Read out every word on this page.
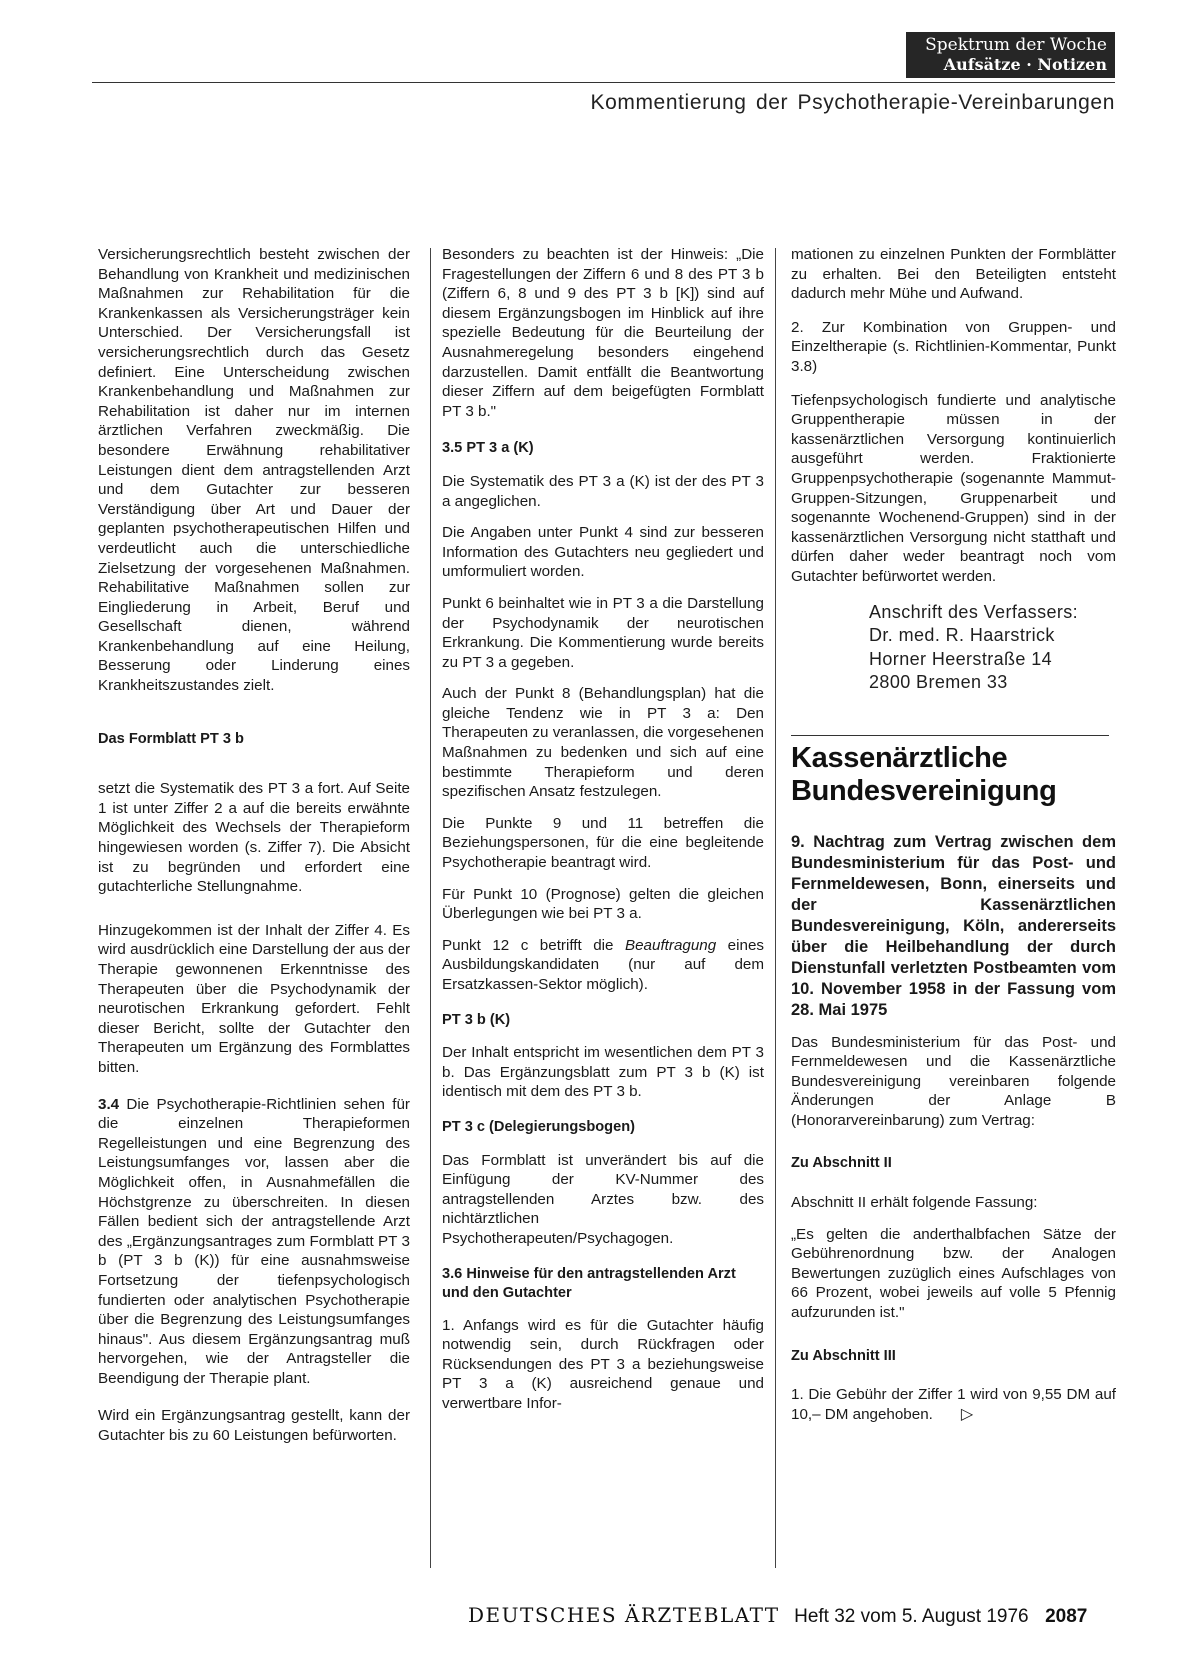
Spektrum der Woche
Aufsätze · Notizen
Kommentierung der Psychotherapie-Vereinbarungen

Versicherungsrechtlich besteht zwischen der Behandlung von Krankheit und medizinischen Maßnahmen zur Rehabilitation für die Krankenkassen als Versicherungsträger kein Unterschied. Der Versicherungsfall ist versicherungsrechtlich durch das Gesetz definiert. Eine Unterscheidung zwischen Krankenbehandlung und Maßnahmen zur Rehabilitation ist daher nur im internen ärztlichen Verfahren zweckmäßig. Die besondere Erwähnung rehabilitativer Leistungen dient dem antragstellenden Arzt und dem Gutachter zur besseren Verständigung über Art und Dauer der geplanten psychotherapeutischen Hilfen und verdeutlicht auch die unterschiedliche Zielsetzung der vorgesehenen Maßnahmen. Rehabilitative Maßnahmen sollen zur Eingliederung in Arbeit, Beruf und Gesellschaft dienen, während Krankenbehandlung auf eine Heilung, Besserung oder Linderung eines Krankheitszustandes zielt.

Das Formblatt PT 3 b

setzt die Systematik des PT 3 a fort. Auf Seite 1 ist unter Ziffer 2 a auf die bereits erwähnte Möglichkeit des Wechsels der Therapieform hingewiesen worden (s. Ziffer 7). Die Absicht ist zu begründen und erfordert eine gutachterliche Stellungnahme.

Hinzugekommen ist der Inhalt der Ziffer 4. Es wird ausdrücklich eine Darstellung der aus der Therapie gewonnenen Erkenntnisse des Therapeuten über die Psychodynamik der neurotischen Erkrankung gefordert. Fehlt dieser Bericht, sollte der Gutachter den Therapeuten um Ergänzung des Formblattes bitten.

3.4 Die Psychotherapie-Richtlinien sehen für die einzelnen Therapieformen Regelleistungen und eine Begrenzung des Leistungsumfanges vor, lassen aber die Möglichkeit offen, in Ausnahmefällen die Höchstgrenze zu überschreiten. In diesen Fällen bedient sich der antragstellende Arzt des „Ergänzungsantrages zum Formblatt PT 3 b (PT 3 b (K)) für eine ausnahmsweise Fortsetzung der tiefenpsychologisch fundierten oder analytischen Psychotherapie über die Begrenzung des Leistungsumfanges hinaus". Aus diesem Ergänzungsantrag muß hervorgehen, wie der Antragsteller die Beendigung der Therapie plant.

Wird ein Ergänzungsantrag gestellt, kann der Gutachter bis zu 60 Leistungen befürworten.

Besonders zu beachten ist der Hinweis: „Die Fragestellungen der Ziffern 6 und 8 des PT 3 b (Ziffern 6, 8 und 9 des PT 3 b [K]) sind auf diesem Ergänzungsbogen im Hinblick auf ihre spezielle Bedeutung für die Beurteilung der Ausnahmeregelung besonders eingehend darzustellen. Damit entfällt die Beantwortung dieser Ziffern auf dem beigefügten Formblatt PT 3 b."

3.5 PT 3 a (K)

Die Systematik des PT 3 a (K) ist der des PT 3 a angeglichen.

Die Angaben unter Punkt 4 sind zur besseren Information des Gutachters neu gegliedert und umformuliert worden.

Punkt 6 beinhaltet wie in PT 3 a die Darstellung der Psychodynamik der neurotischen Erkrankung. Die Kommentierung wurde bereits zu PT 3 a gegeben.

Auch der Punkt 8 (Behandlungsplan) hat die gleiche Tendenz wie in PT 3 a: Den Therapeuten zu veranlassen, die vorgesehenen Maßnahmen zu bedenken und sich auf eine bestimmte Therapieform und deren spezifischen Ansatz festzulegen.

Die Punkte 9 und 11 betreffen die Beziehungspersonen, für die eine begleitende Psychotherapie beantragt wird.

Für Punkt 10 (Prognose) gelten die gleichen Überlegungen wie bei PT 3 a.

Punkt 12 c betrifft die Beauftragung eines Ausbildungskandidaten (nur auf dem Ersatzkassen-Sektor möglich).

PT 3 b (K)

Der Inhalt entspricht im wesentlichen dem PT 3 b. Das Ergänzungsblatt zum PT 3 b (K) ist identisch mit dem des PT 3 b.

PT 3 c (Delegierungsbogen)

Das Formblatt ist unverändert bis auf die Einfügung der KV-Nummer des antragstellenden Arztes bzw. des nichtärztlichen Psychotherapeuten/Psychagogen.

3.6 Hinweise für den antragstellenden Arzt und den Gutachter

1. Anfangs wird es für die Gutachter häufig notwendig sein, durch Rückfragen oder Rücksendungen des PT 3 a beziehungsweise PT 3 a (K) ausreichend genaue und verwertbare Infor-

mationen zu einzelnen Punkten der Formblätter zu erhalten. Bei den Beteiligten entsteht dadurch mehr Mühe und Aufwand.

2. Zur Kombination von Gruppen- und Einzeltherapie (s. Richtlinien-Kommentar, Punkt 3.8)

Tiefenpsychologisch fundierte und analytische Gruppentherapie müssen in der kassenärztlichen Versorgung kontinuierlich ausgeführt werden. Fraktionierte Gruppenpsychotherapie (sogenannte Mammut-Gruppen-Sitzungen, Gruppenarbeit und sogenannte Wochenend-Gruppen) sind in der kassenärztlichen Versorgung nicht statthaft und dürfen daher weder beantragt noch vom Gutachter befürwortet werden.

Anschrift des Verfassers:
Dr. med. R. Haarstrick
Horner Heerstraße 14
2800 Bremen 33
Kassenärztliche
Bundesvereinigung

9. Nachtrag zum Vertrag zwischen dem Bundesministerium für das Post- und Fernmeldewesen, Bonn, einerseits und der Kassenärztlichen Bundesvereinigung, Köln, andererseits über die Heilbehandlung der durch Dienstunfall verletzten Postbeamten vom 10. November 1958 in der Fassung vom 28. Mai 1975

Das Bundesministerium für das Post- und Fernmeldewesen und die Kassenärztliche Bundesvereinigung vereinbaren folgende Änderungen der Anlage B (Honorarvereinbarung) zum Vertrag:

Zu Abschnitt II

Abschnitt II erhält folgende Fassung:

„Es gelten die anderthalbfachen Sätze der Gebührenordnung bzw. der Analogen Bewertungen zuzüglich eines Aufschlages von 66 Prozent, wobei jeweils auf volle 5 Pfennig aufzurunden ist."

Zu Abschnitt III

1. Die Gebühr der Ziffer 1 wird von 9,55 DM auf 10,– DM angehoben. ▷

DEUTSCHES ÄRZTEBLATT Heft 32 vom 5. August 1976 2087
